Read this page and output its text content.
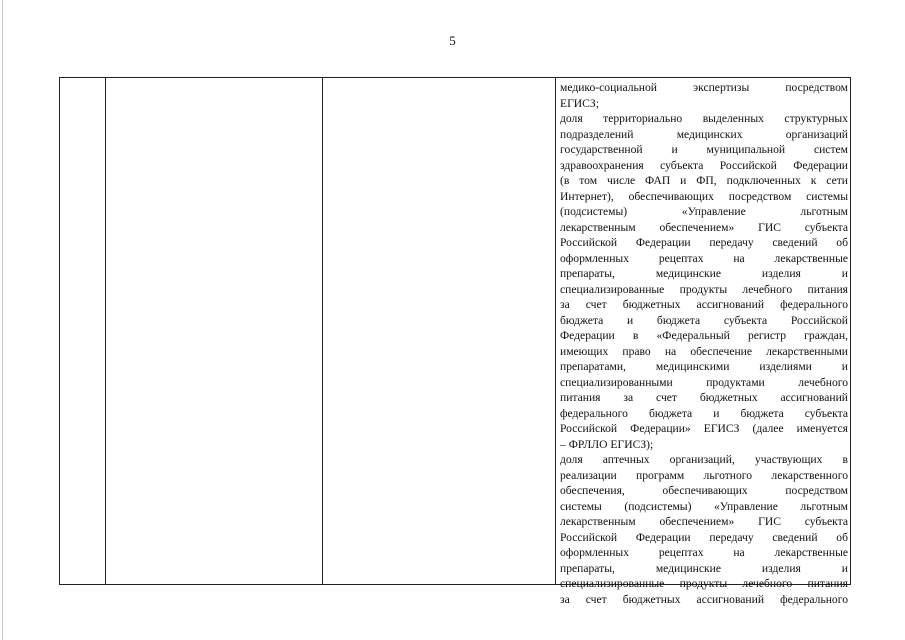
5
медико-социальной экспертизы посредством
ЕГИСЗ;
доля территориально выделенных структурных
подразделений медицинских организаций
государственной и муниципальной систем
здравоохранения субъекта Российской Федерации
(в том числе ФАП и ФП, подключенных к сети
Интернет), обеспечивающих посредством системы
(подсистемы) «Управление льготным
лекарственным обеспечением» ГИС субъекта
Российской Федерации передачу сведений об
оформленных рецептах на лекарственные
препараты, медицинские изделия и
специализированные продукты лечебного питания
за счет бюджетных ассигнований федерального
бюджета и бюджета субъекта Российской
Федерации в «Федеральный регистр граждан,
имеющих право на обеспечение лекарственными
препаратами, медицинскими изделиями и
специализированными продуктами лечебного
питания за счет бюджетных ассигнований
федерального бюджета и бюджета субъекта
Российской Федерации» ЕГИСЗ (далее именуется
– ФРЛЛО ЕГИСЗ);
доля аптечных организаций, участвующих в
реализации программ льготного лекарственного
обеспечения, обеспечивающих посредством
системы (подсистемы) «Управление льготным
лекарственным обеспечением» ГИС субъекта
Российской Федерации передачу сведений об
оформленных рецептах на лекарственные
препараты, медицинские изделия и
специализированные продукты лечебного питания
за счет бюджетных ассигнований федерального
